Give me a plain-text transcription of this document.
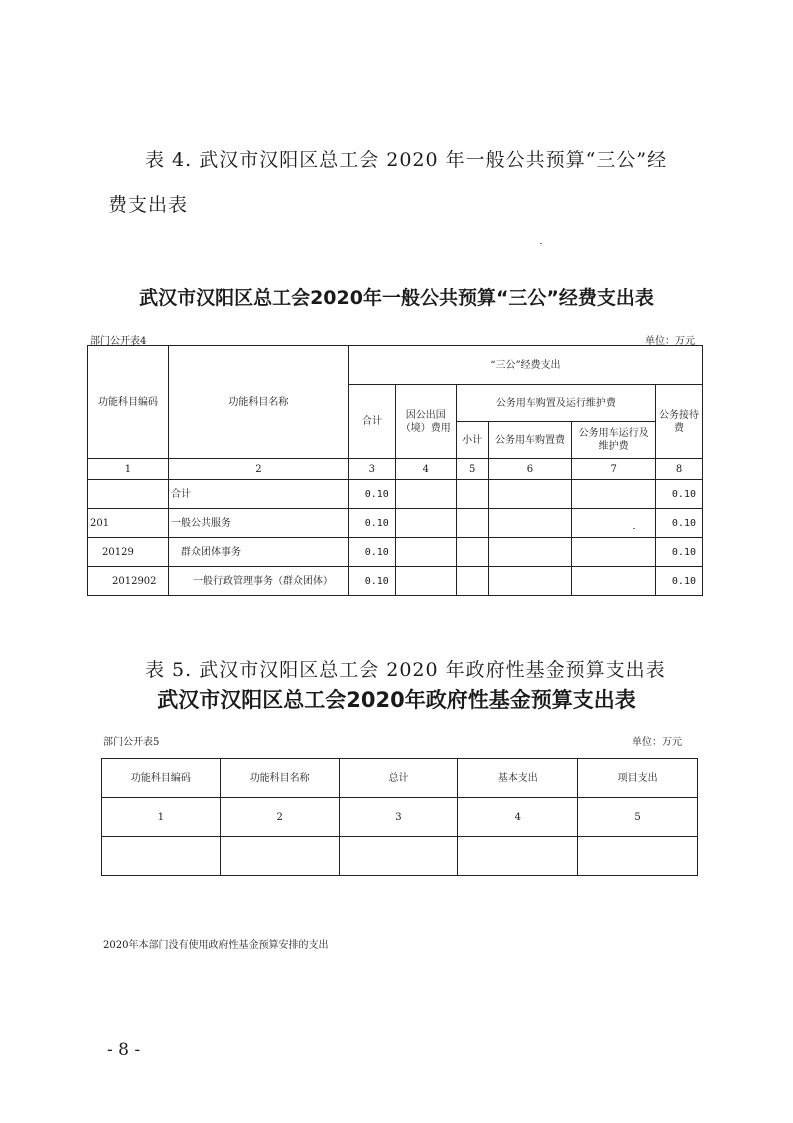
表 4. 武汉市汉阳区总工会 2020 年一般公共预算“三公”经
费支出表
武汉市汉阳区总工会2020年一般公共预算“三公”经费支出表
部门公开表4	单位：万元
功能科目编码	功能科目名称	“三公”经费支出					
		合计	因公出国（境）费用	公务用车购置及运行维护费			公务接待费
				小计	公务用车购置费	公务用车运行及维护费	
1	2	3	4	5	6	7	8
	合计	0.10					0.10
201	一般公共服务	0.10					0.10
20129	群众团体事务	0.10					0.10
2012902	一般行政管理事务（群众团体）	0.10					0.10
表 5. 武汉市汉阳区总工会 2020 年政府性基金预算支出表
武汉市汉阳区总工会2020年政府性基金预算支出表
部门公开表5	单位：万元
功能科目编码	功能科目名称	总计	基本支出	项目支出
1	2	3	4	5

2020年本部门没有使用政府性基金预算安排的支出
- 8 -
